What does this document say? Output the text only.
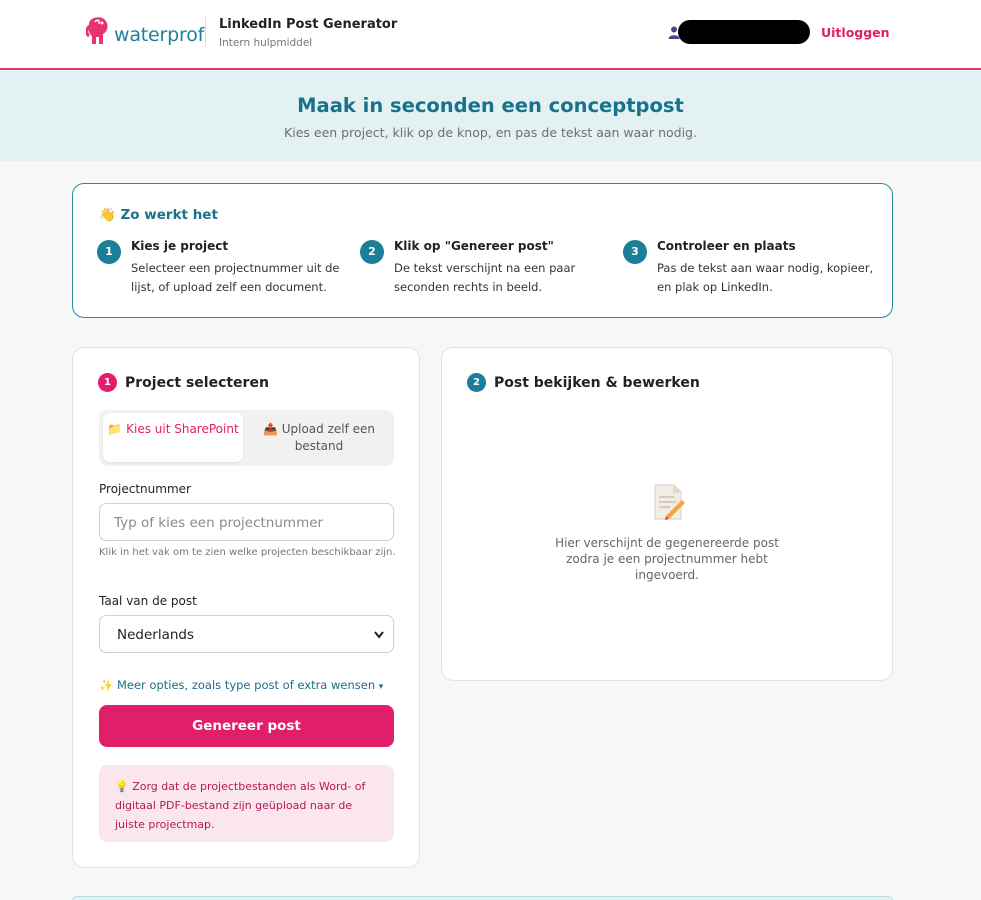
waterprof LinkedIn Post Generator
Intern hulpmiddel
Uitloggen
Maak in seconden een conceptpost
Kies een project, klik op de knop, en pas de tekst aan waar nodig.
👋 Zo werkt het
1	Kies je project
Selecteer een projectnummer uit de lijst, of upload zelf een document.
2	Klik op "Genereer post"
De tekst verschijnt na een paar seconden rechts in beeld.
3	Controleer en plaats
Pas de tekst aan waar nodig, kopieer, en plak op LinkedIn.
1	Project selecteren
📁 Kies uit SharePoint	📤 Upload zelf een bestand
Projectnummer
Typ of kies een projectnummer
Klik in het vak om te zien welke projecten beschikbaar zijn.
Taal van de post
Nederlands
✨ Meer opties, zoals type post of extra wensen ▾
Genereer post
💡 Zorg dat de projectbestanden als Word- of digitaal PDF-bestand zijn geüpload naar de juiste projectmap.
2	Post bekijken & bewerken
Hier verschijnt de gegenereerde post zodra je een projectnummer hebt ingevoerd.
